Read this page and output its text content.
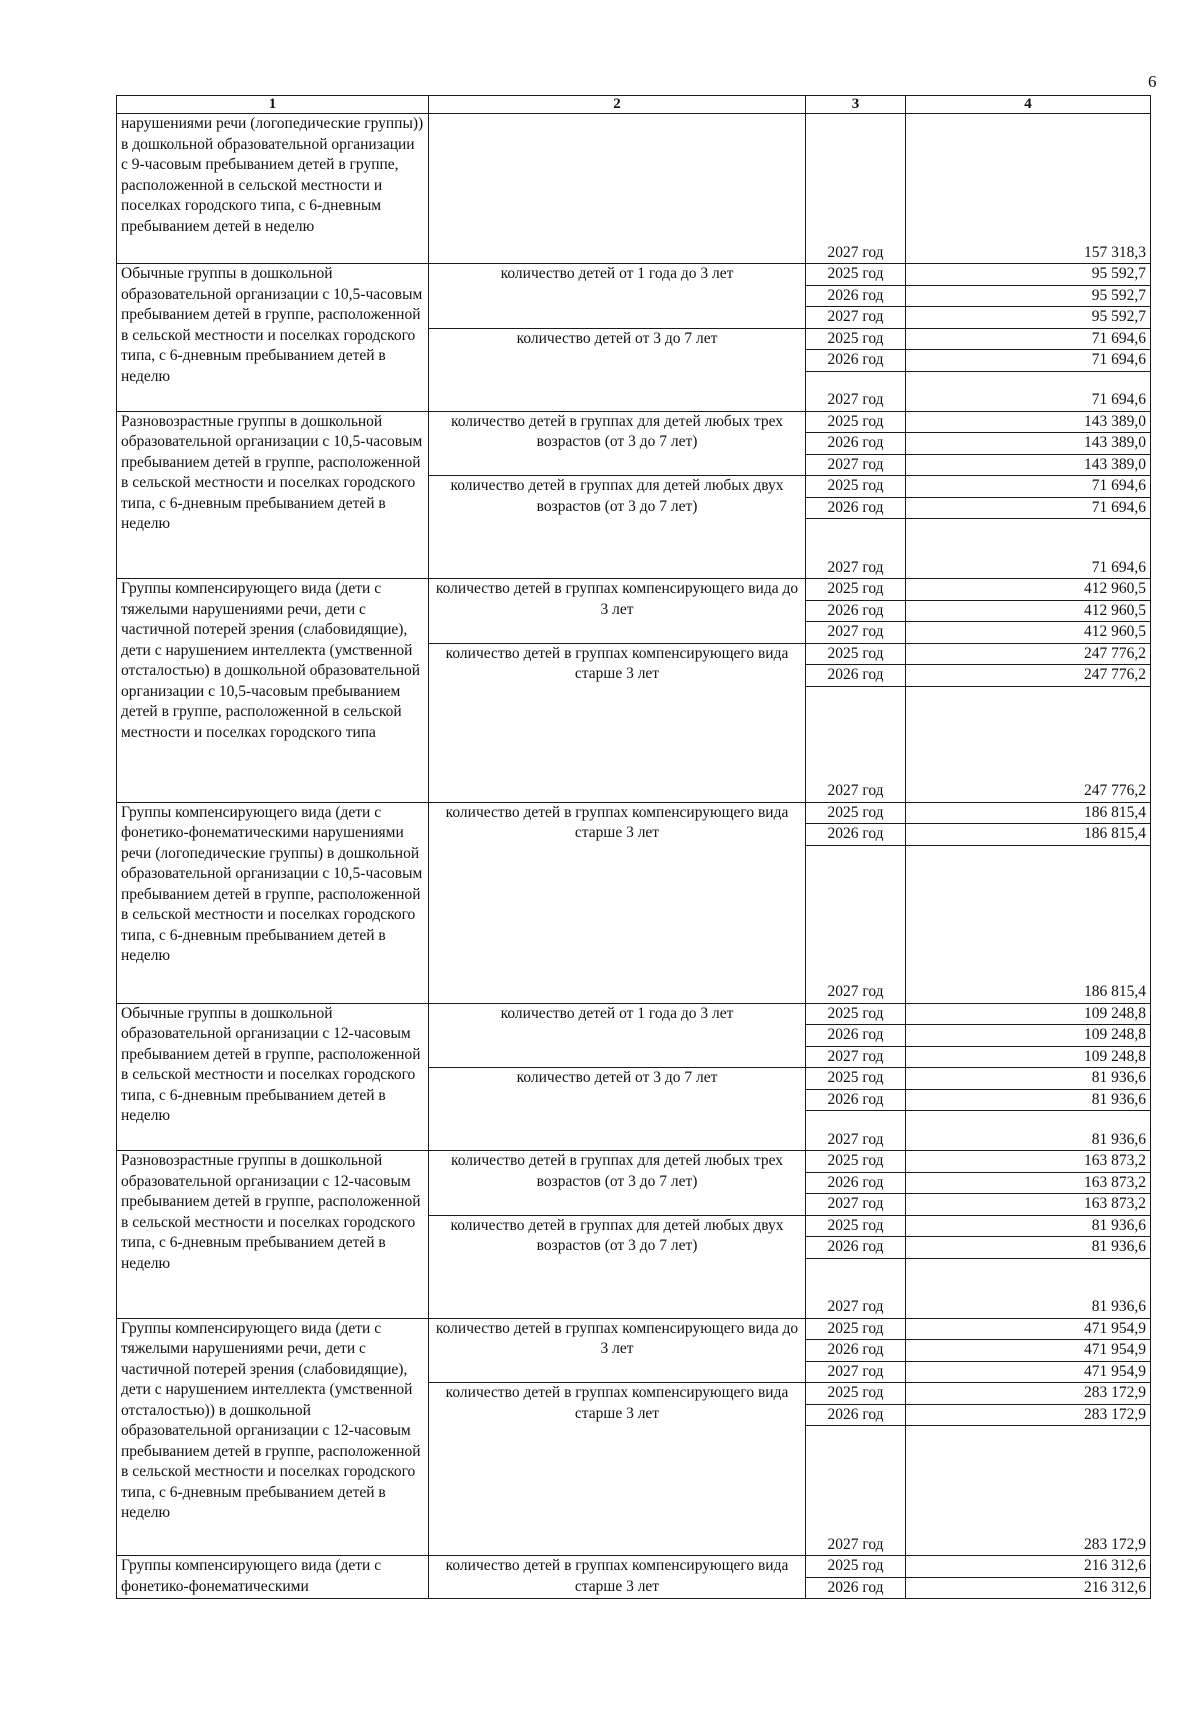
6
1	2	3	4
нарушениями речи (логопедические группы)) в дошкольной образовательной организации с 9-часовым пребыванием детей в группе, расположенной в сельской местности и поселках городского типа, с 6-дневным пребыванием детей в неделю		2027 год	157 318,3
Обычные группы в дошкольной образовательной организации с 10,5-часовым пребыванием детей в группе, расположенной в сельской местности и поселках городского типа, с 6-дневным пребыванием детей в неделю	количество детей от 1 года до 3 лет	2025 год	95 592,7
		2026 год	95 592,7
		2027 год	95 592,7
	количество детей от 3 до 7 лет	2025 год	71 694,6
		2026 год	71 694,6
		2027 год	71 694,6
Разновозрастные группы в дошкольной образовательной организации с 10,5-часовым пребыванием детей в группе, расположенной в сельской местности и поселках городского типа, с 6-дневным пребыванием детей в неделю	количество детей в группах для детей любых трех возрастов (от 3 до 7 лет)	2025 год	143 389,0
		2026 год	143 389,0
		2027 год	143 389,0
	количество детей в группах для детей любых двух возрастов (от 3 до 7 лет)	2025 год	71 694,6
		2026 год	71 694,6
		2027 год	71 694,6
Группы компенсирующего вида (дети с тяжелыми нарушениями речи, дети с частичной потерей зрения (слабовидящие), дети с нарушением интеллекта (умственной отсталостью) в дошкольной образовательной организации с 10,5-часовым пребыванием детей в группе, расположенной в сельской местности и поселках городского типа	количество детей в группах компенсирующего вида до 3 лет	2025 год	412 960,5
		2026 год	412 960,5
		2027 год	412 960,5
	количество детей в группах компенсирующего вида старше 3 лет	2025 год	247 776,2
		2026 год	247 776,2
		2027 год	247 776,2
Группы компенсирующего вида (дети с фонетико-фонематическими нарушениями речи (логопедические группы) в дошкольной образовательной организации с 10,5-часовым пребыванием детей в группе, расположенной в сельской местности и поселках городского типа, с 6-дневным пребыванием детей в неделю	количество детей в группах компенсирующего вида старше 3 лет	2025 год	186 815,4
		2026 год	186 815,4
		2027 год	186 815,4
Обычные группы в дошкольной образовательной организации с 12-часовым пребыванием детей в группе, расположенной в сельской местности и поселках городского типа, с 6-дневным пребыванием детей в неделю	количество детей от 1 года до 3 лет	2025 год	109 248,8
		2026 год	109 248,8
		2027 год	109 248,8
	количество детей от 3 до 7 лет	2025 год	81 936,6
		2026 год	81 936,6
		2027 год	81 936,6
Разновозрастные группы в дошкольной образовательной организации с 12-часовым пребыванием детей в группе, расположенной в сельской местности и поселках городского типа, с 6-дневным пребыванием детей в неделю	количество детей в группах для детей любых трех возрастов (от 3 до 7 лет)	2025 год	163 873,2
		2026 год	163 873,2
		2027 год	163 873,2
	количество детей в группах для детей любых двух возрастов (от 3 до 7 лет)	2025 год	81 936,6
		2026 год	81 936,6
		2027 год	81 936,6
Группы компенсирующего вида (дети с тяжелыми нарушениями речи, дети с частичной потерей зрения (слабовидящие), дети с нарушением интеллекта (умственной отсталостью)) в дошкольной образовательной организации с 12-часовым пребыванием детей в группе, расположенной в сельской местности и поселках городского типа, с 6-дневным пребыванием детей в неделю	количество детей в группах компенсирующего вида до 3 лет	2025 год	471 954,9
		2026 год	471 954,9
		2027 год	471 954,9
	количество детей в группах компенсирующего вида старше 3 лет	2025 год	283 172,9
		2026 год	283 172,9
		2027 год	283 172,9
Группы компенсирующего вида (дети с фонетико-фонематическими	количество детей в группах компенсирующего вида старше 3 лет	2025 год	216 312,6
		2026 год	216 312,6
